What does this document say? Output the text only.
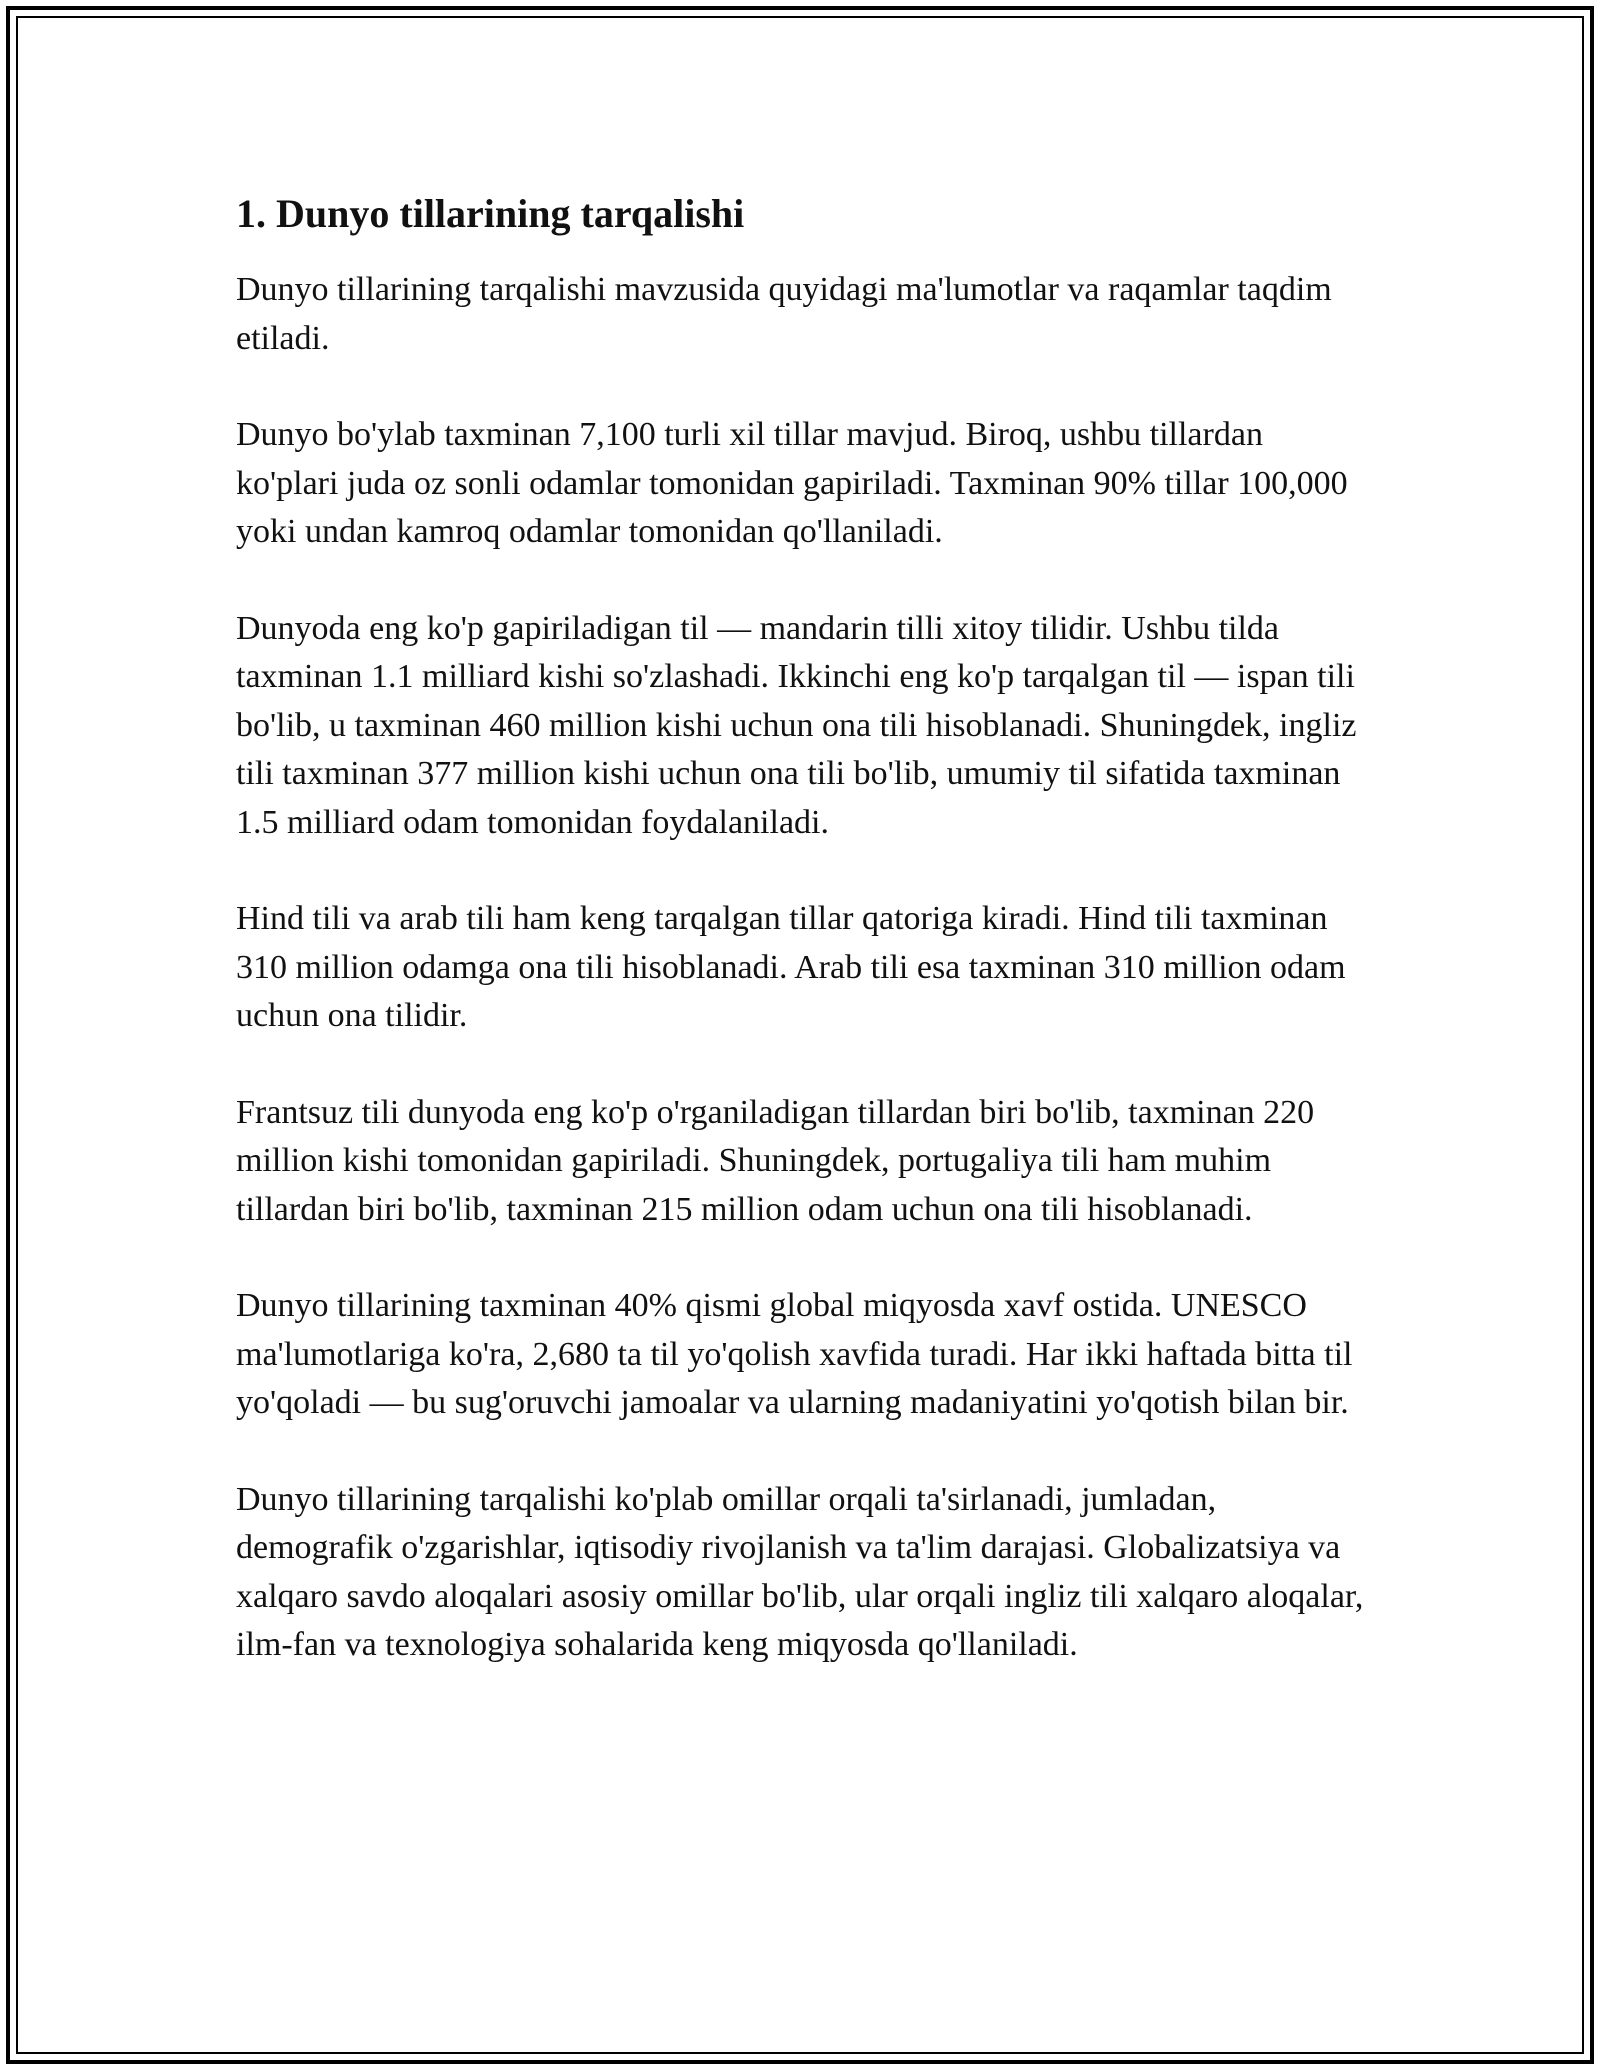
1. Dunyo tillarining tarqalishi

Dunyo tillarining tarqalishi mavzusida quyidagi ma'lumotlar va raqamlar taqdim etiladi.

Dunyo bo'ylab taxminan 7,100 turli xil tillar mavjud. Biroq, ushbu tillardan ko'plari juda oz sonli odamlar tomonidan gapiriladi. Taxminan 90% tillar 100,000 yoki undan kamroq odamlar tomonidan qo'llaniladi.

Dunyoda eng ko'p gapiriladigan til — mandarin tilli xitoy tilidir. Ushbu tilda taxminan 1.1 milliard kishi so'zlashadi. Ikkinchi eng ko'p tarqalgan til — ispan tili bo'lib, u taxminan 460 million kishi uchun ona tili hisoblanadi. Shuningdek, ingliz tili taxminan 377 million kishi uchun ona tili bo'lib, umumiy til sifatida taxminan 1.5 milliard odam tomonidan foydalaniladi.

Hind tili va arab tili ham keng tarqalgan tillar qatoriga kiradi. Hind tili taxminan 310 million odamga ona tili hisoblanadi. Arab tili esa taxminan 310 million odam uchun ona tilidir.

Frantsuz tili dunyoda eng ko'p o'rganiladigan tillardan biri bo'lib, taxminan 220 million kishi tomonidan gapiriladi. Shuningdek, portugaliya tili ham muhim tillardan biri bo'lib, taxminan 215 million odam uchun ona tili hisoblanadi.

Dunyo tillarining taxminan 40% qismi global miqyosda xavf ostida. UNESCO ma'lumotlariga ko'ra, 2,680 ta til yo'qolish xavfida turadi. Har ikki haftada bitta til yo'qoladi — bu sug'oruvchi jamoalar va ularning madaniyatini yo'qotish bilan bir.

Dunyo tillarining tarqalishi ko'plab omillar orqali ta'sirlanadi, jumladan, demografik o'zgarishlar, iqtisodiy rivojlanish va ta'lim darajasi. Globalizatsiya va xalqaro savdo aloqalari asosiy omillar bo'lib, ular orqali ingliz tili xalqaro aloqalar, ilm-fan va texnologiya sohalarida keng miqyosda qo'llaniladi.
